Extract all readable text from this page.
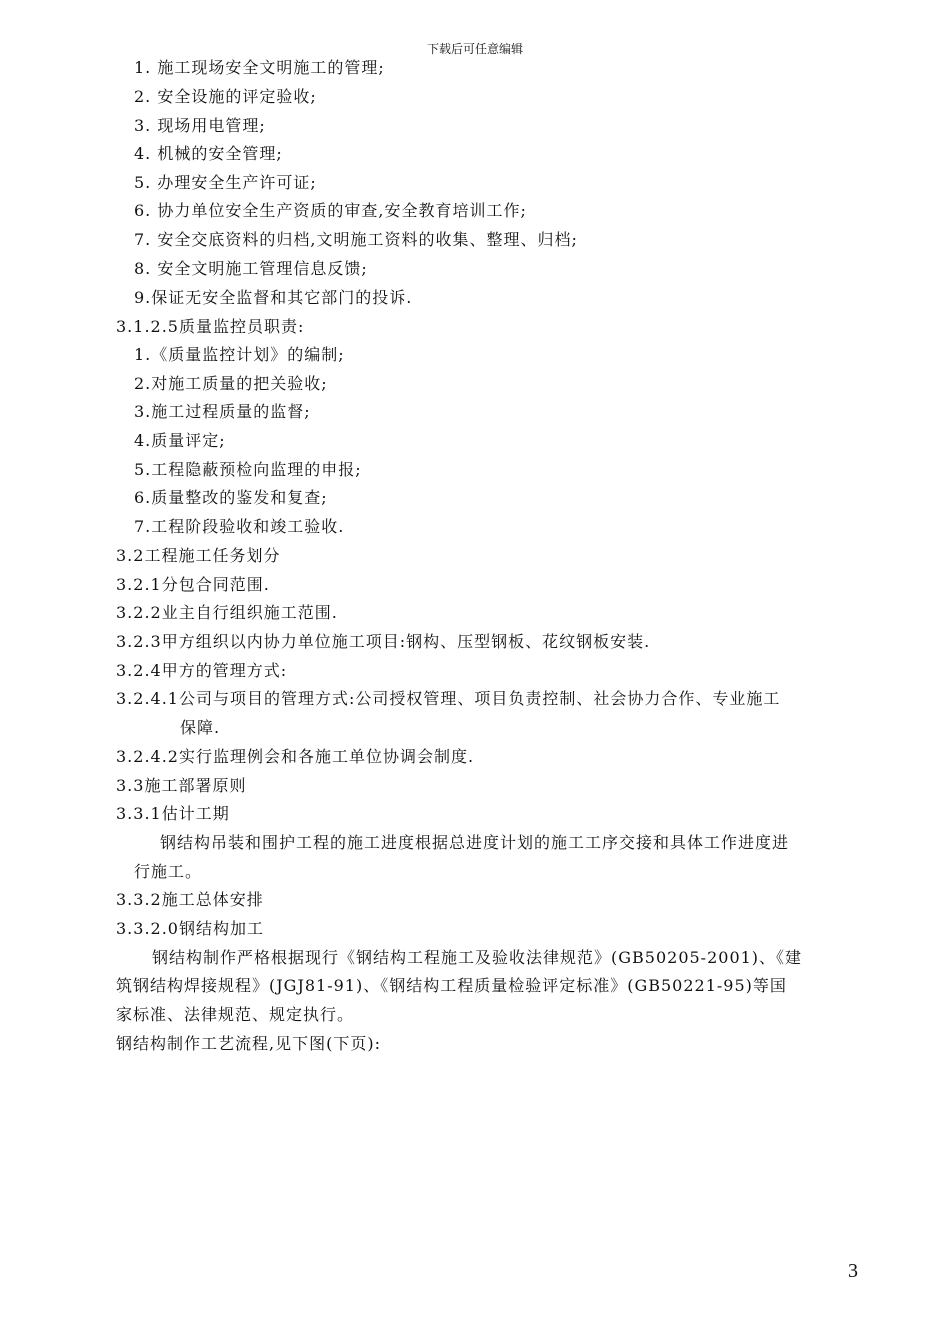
下载后可任意编辑
1. 施工现场安全文明施工的管理;
2. 安全设施的评定验收;
3. 现场用电管理;
4. 机械的安全管理;
5. 办理安全生产许可证;
6. 协力单位安全生产资质的审查,安全教育培训工作;
7. 安全交底资料的归档,文明施工资料的收集、整理、归档;
8. 安全文明施工管理信息反馈;
9.保证无安全监督和其它部门的投诉.
3.1.2.5质量监控员职责:
1.《质量监控计划》的编制;
2.对施工质量的把关验收;
3.施工过程质量的监督;
4.质量评定;
5.工程隐蔽预检向监理的申报;
6.质量整改的鉴发和复查;
7.工程阶段验收和竣工验收.
3.2工程施工任务划分
3.2.1分包合同范围.
3.2.2业主自行组织施工范围.
3.2.3甲方组织以内协力单位施工项目:钢构、压型钢板、花纹钢板安装.
3.2.4甲方的管理方式:
3.2.4.1公司与项目的管理方式:公司授权管理、项目负责控制、社会协力合作、专业施工
保障.
3.2.4.2实行监理例会和各施工单位协调会制度.
3.3施工部署原则
3.3.1估计工期
钢结构吊装和围护工程的施工进度根据总进度计划的施工工序交接和具体工作进度进
行施工。
3.3.2施工总体安排
3.3.2.0钢结构加工
钢结构制作严格根据现行《钢结构工程施工及验收法律规范》(GB50205-2001)、《建
筑钢结构焊接规程》(JGJ81-91)、《钢结构工程质量检验评定标准》(GB50221-95)等国
家标准、法律规范、规定执行。
钢结构制作工艺流程,见下图(下页):
3
